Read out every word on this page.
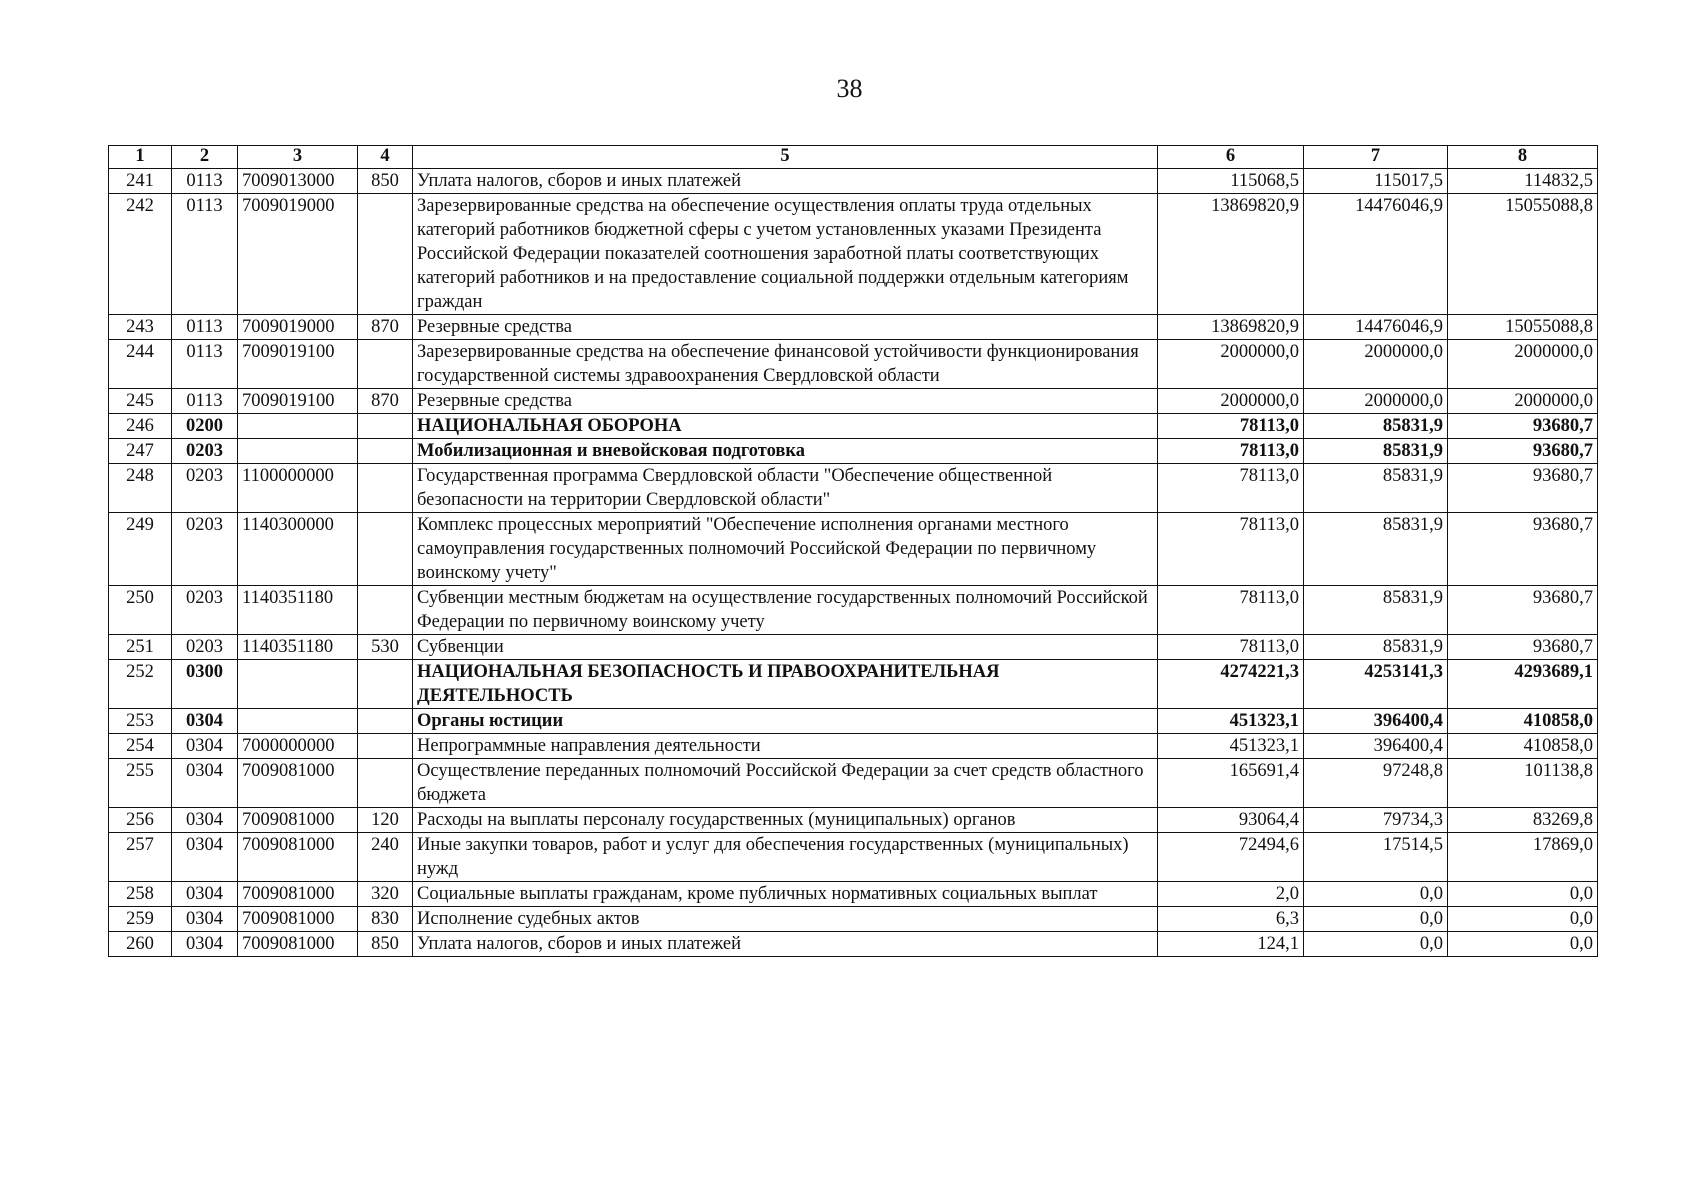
38
1	2	3	4	5	6	7	8
241	0113	7009013000	850	Уплата налогов, сборов и иных платежей	115068,5	115017,5	114832,5
242	0113	7009019000		Зарезервированные средства на обеспечение осуществления оплаты труда отдельных категорий работников бюджетной сферы с учетом установленных указами Президента Российской Федерации показателей соотношения заработной платы соответствующих категорий работников и на предоставление социальной поддержки отдельным категориям граждан	13869820,9	14476046,9	15055088,8
243	0113	7009019000	870	Резервные средства	13869820,9	14476046,9	15055088,8
244	0113	7009019100		Зарезервированные средства на обеспечение финансовой устойчивости функционирования государственной системы здравоохранения Свердловской области	2000000,0	2000000,0	2000000,0
245	0113	7009019100	870	Резервные средства	2000000,0	2000000,0	2000000,0
246	0200			НАЦИОНАЛЬНАЯ ОБОРОНА	78113,0	85831,9	93680,7
247	0203			Мобилизационная и вневойсковая подготовка	78113,0	85831,9	93680,7
248	0203	1100000000		Государственная программа Свердловской области "Обеспечение общественной безопасности на территории Свердловской области"	78113,0	85831,9	93680,7
249	0203	1140300000		Комплекс процессных мероприятий "Обеспечение исполнения органами местного самоуправления государственных полномочий Российской Федерации по первичному воинскому учету"	78113,0	85831,9	93680,7
250	0203	1140351180		Субвенции местным бюджетам на осуществление государственных полномочий Российской Федерации по первичному воинскому учету	78113,0	85831,9	93680,7
251	0203	1140351180	530	Субвенции	78113,0	85831,9	93680,7
252	0300			НАЦИОНАЛЬНАЯ БЕЗОПАСНОСТЬ И ПРАВООХРАНИТЕЛЬНАЯ ДЕЯТЕЛЬНОСТЬ	4274221,3	4253141,3	4293689,1
253	0304			Органы юстиции	451323,1	396400,4	410858,0
254	0304	7000000000		Непрограммные направления деятельности	451323,1	396400,4	410858,0
255	0304	7009081000		Осуществление переданных полномочий Российской Федерации за счет средств областного бюджета	165691,4	97248,8	101138,8
256	0304	7009081000	120	Расходы на выплаты персоналу государственных (муниципальных) органов	93064,4	79734,3	83269,8
257	0304	7009081000	240	Иные закупки товаров, работ и услуг для обеспечения государственных (муниципальных) нужд	72494,6	17514,5	17869,0
258	0304	7009081000	320	Социальные выплаты гражданам, кроме публичных нормативных социальных выплат	2,0	0,0	0,0
259	0304	7009081000	830	Исполнение судебных актов	6,3	0,0	0,0
260	0304	7009081000	850	Уплата налогов, сборов и иных платежей	124,1	0,0	0,0
